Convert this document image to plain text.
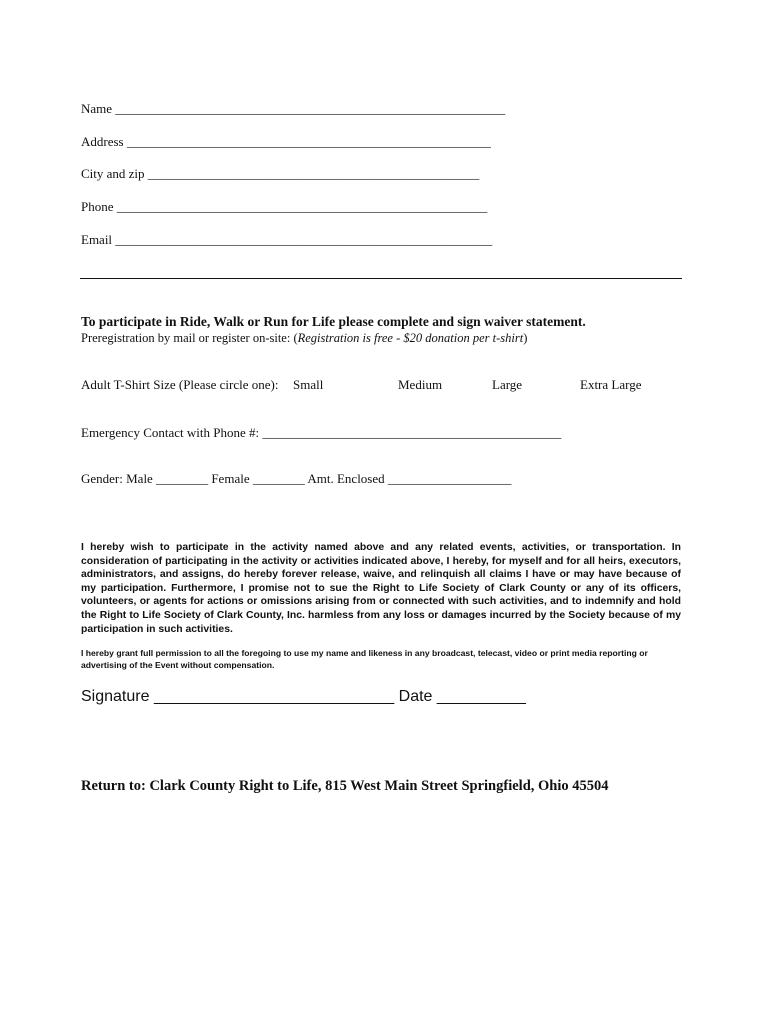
Name ____________________________________________________________
Address ________________________________________________________
City and zip ___________________________________________________
Phone _________________________________________________________
Email __________________________________________________________
To participate in Ride, Walk or Run for Life please complete and sign waiver statement.
Preregistration by mail or register on-site: (Registration is free - $20 donation per t-shirt)
Adult T-Shirt Size (Please circle one): Small	Medium	Large	Extra Large
Emergency Contact with Phone #: ______________________________________________
Gender: Male ________ Female ________ Amt. Enclosed ___________________
I hereby wish to participate in the activity named above and any related events, activities, or transportation. In consideration of participating in the activity or activities indicated above, I hereby, for myself and for all heirs, executors, administrators, and assigns, do hereby forever release, waive, and relinquish all claims I have or may have because of my participation. Furthermore, I promise not to sue the Right to Life Society of Clark County or any of its officers, volunteers, or agents for actions or omissions arising from or connected with such activities, and to indemnify and hold the Right to Life Society of Clark County, Inc. harmless from any loss or damages incurred by the Society because of my participation in such activities.
I hereby grant full permission to all the foregoing to use my name and likeness in any broadcast, telecast, video or print media reporting or advertising of the Event without compensation.
Signature ___________________________ Date __________
Return to: Clark County Right to Life, 815 West Main Street Springfield, Ohio 45504
